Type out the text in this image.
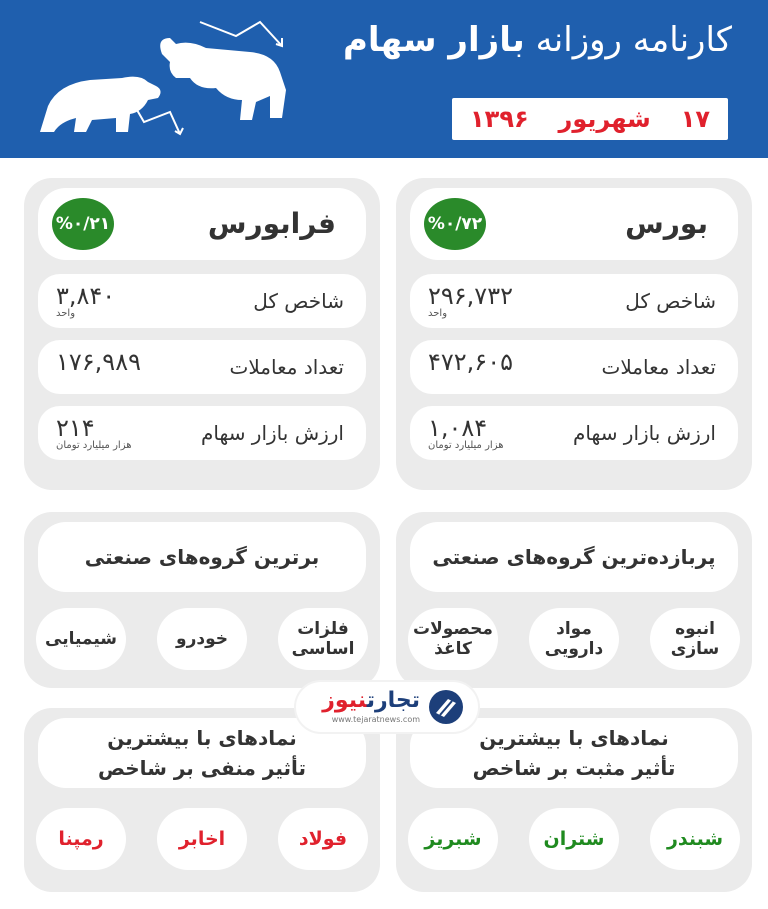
کارنامه روزانه بازار سهام
۱۷
شهریور
۱۳۹۶
بورس
%۰/۷۲
شاخص کل
۲۹۶,۷۳۲
واحد
تعداد معاملات
۴۷۲,۶۰۵
ارزش بازار سهام
۱,۰۸۴
هزار میلیارد تومان
فرابورس
%۰/۲۱
شاخص کل
۳,۸۴۰
واحد
تعداد معاملات
۱۷۶,۹۸۹
ارزش بازار سهام
۲۱۴
هزار میلیارد تومان
پربازده‌ترین گروه‌های صنعتی
انبوه سازی
مواد دارویی
محصولات کاغذ
برترین گروه‌های صنعتی
فلزات اساسی
خودرو
شیمیایی
نمادهای با بیشترین
تأثیر مثبت بر شاخص
شبندر
شتران
شبریز
نمادهای با بیشترین
تأثیر منفی بر شاخص
فولاد
اخابر
رمپنا
تجارتنیوز
www.tejaratnews.com
